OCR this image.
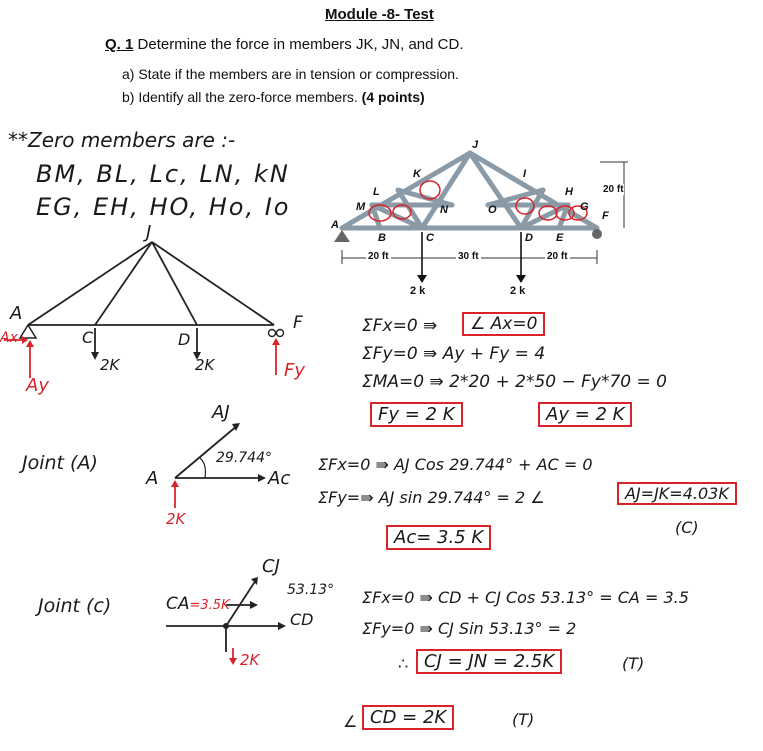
Module -8- Test
Q. 1 Determine the force in members JK, JN, and CD.
a) State if the members are in tension or compression.
b) Identify all the zero-force members. (4 points)
J
K	I
L	H
M	N	O	G
A
B	C	D E
F
20 ft
20 ft	30 ft	20 ft
2 k	2 k
**Zero members are :-
BM, BL, Lc, LN, kN
EG, EH, HO, Ho, Io
J
A
C	D
F
Ax
Ay
Fy
2K	2K
ΣFx=0 ⇛	∠ Ax=0
ΣFy=0 ⇛ Ay + Fy = 4
ΣMA=0 ⇛ 2*20 + 2*50 − Fy*70 = 0
Fy = 2 K	Ay = 2 K
Joint (A)
A
AJ
29.744°
Ac
2K
ΣFx=0 ⇛ AJ Cos 29.744° + AC = 0
ΣFy=⇛ AJ sin 29.744° = 2 ∠	AJ=JK=4.03K
(C)
Ac= 3.5 K
Joint (c)	CA=3.5K
CJ
53.13°
CD
2K
ΣFx=0 ⇛ CD + CJ Cos 53.13° = CA = 3.5
ΣFy=0 ⇛ CJ Sin 53.13° = 2
∴ CJ = JN = 2.5K	(T)
∠ CD = 2K	(T)
